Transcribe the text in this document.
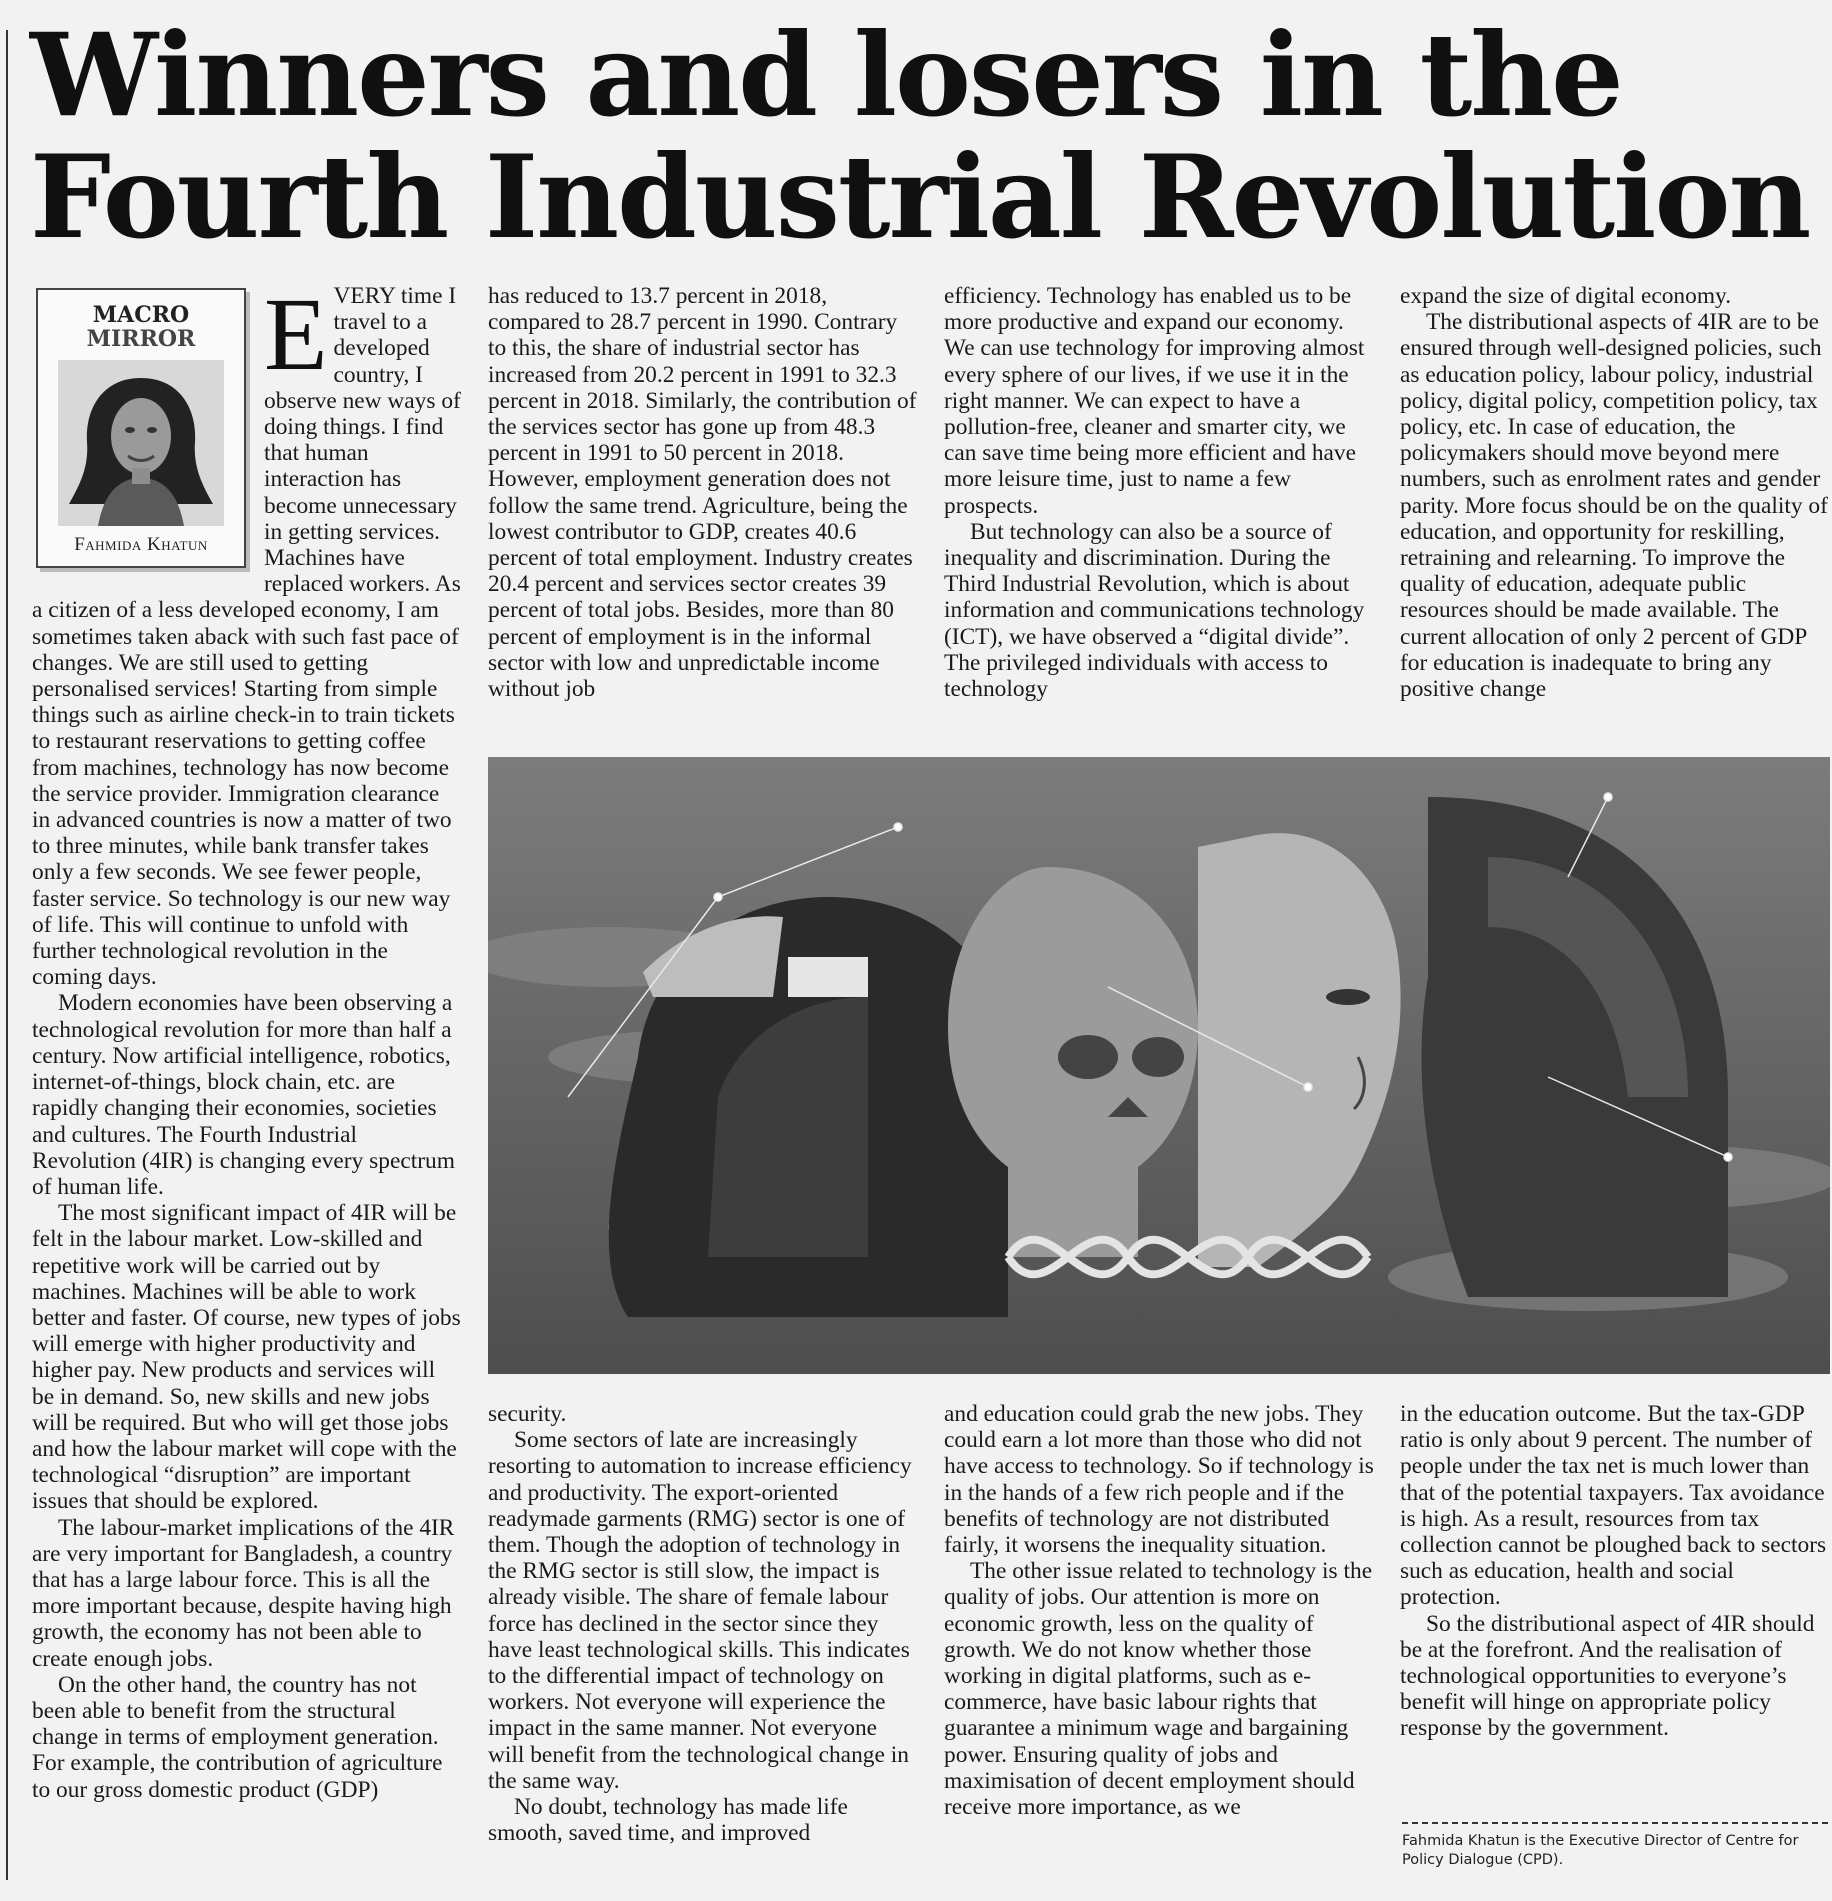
Winners and losers in the Fourth Industrial Revolution
MACRO
MIRROR
Fahmida Khatun

EVERY time I travel to a developed country, I observe new ways of doing things. I find that human interaction has become unnecessary in getting services. Machines have replaced workers. As a citizen of a less developed economy, I am sometimes taken aback with such fast pace of changes. We are still used to getting personalised services! Starting from simple things such as airline check-in to train tickets to restaurant reservations to getting coffee from machines, technology has now become the service provider. Immigration clearance in advanced countries is now a matter of two to three minutes, while bank transfer takes only a few seconds. We see fewer people, faster service. So technology is our new way of life. This will continue to unfold with further technological revolution in the coming days.

Modern economies have been observing a technological revolution for more than half a century. Now artificial intelligence, robotics, internet-of-things, block chain, etc. are rapidly changing their economies, societies and cultures. The Fourth Industrial Revolution (4IR) is changing every spectrum of human life.

The most significant impact of 4IR will be felt in the labour market. Low-skilled and repetitive work will be carried out by machines. Machines will be able to work better and faster. Of course, new types of jobs will emerge with higher productivity and higher pay. New products and services will be in demand. So, new skills and new jobs will be required. But who will get those jobs and how the labour market will cope with the technological “disruption” are important issues that should be explored.

The labour-market implications of the 4IR are very important for Bangladesh, a country that has a large labour force. This is all the more important because, despite having high growth, the economy has not been able to create enough jobs.

On the other hand, the country has not been able to benefit from the structural change in terms of employment generation. For example, the contribution of agriculture to our gross domestic product (GDP)

has reduced to 13.7 percent in 2018, compared to 28.7 percent in 1990. Contrary to this, the share of industrial sector has increased from 20.2 percent in 1991 to 32.3 percent in 2018. Similarly, the contribution of the services sector has gone up from 48.3 percent in 1991 to 50 percent in 2018. However, employment generation does not follow the same trend. Agriculture, being the lowest contributor to GDP, creates 40.6 percent of total employment. Industry creates 20.4 percent and services sector creates 39 percent of total jobs. Besides, more than 80 percent of employment is in the informal sector with low and unpredictable income without job

efficiency. Technology has enabled us to be more productive and expand our economy. We can use technology for improving almost every sphere of our lives, if we use it in the right manner. We can expect to have a pollution-free, cleaner and smarter city, we can save time being more efficient and have more leisure time, just to name a few prospects.

But technology can also be a source of inequality and discrimination. During the Third Industrial Revolution, which is about information and communications technology (ICT), we have observed a “digital divide”. The privileged individuals with access to technology

expand the size of digital economy.

The distributional aspects of 4IR are to be ensured through well-designed policies, such as education policy, labour policy, industrial policy, digital policy, competition policy, tax policy, etc. In case of education, the policymakers should move beyond mere numbers, such as enrolment rates and gender parity. More focus should be on the quality of education, and opportunity for reskilling, retraining and relearning. To improve the quality of education, adequate public resources should be made available. The current allocation of only 2 percent of GDP for education is inadequate to bring any positive change

security.

Some sectors of late are increasingly resorting to automation to increase efficiency and productivity. The export-oriented readymade garments (RMG) sector is one of them. Though the adoption of technology in the RMG sector is still slow, the impact is already visible. The share of female labour force has declined in the sector since they have least technological skills. This indicates to the differential impact of technology on workers. Not everyone will experience the impact in the same manner. Not everyone will benefit from the technological change in the same way.

No doubt, technology has made life smooth, saved time, and improved

and education could grab the new jobs. They could earn a lot more than those who did not have access to technology. So if technology is in the hands of a few rich people and if the benefits of technology are not distributed fairly, it worsens the inequality situation.

The other issue related to technology is the quality of jobs. Our attention is more on economic growth, less on the quality of growth. We do not know whether those working in digital platforms, such as e-commerce, have basic labour rights that guarantee a minimum wage and bargaining power. Ensuring quality of jobs and maximisation of decent employment should receive more importance, as we

in the education outcome. But the tax-GDP ratio is only about 9 percent. The number of people under the tax net is much lower than that of the potential taxpayers. Tax avoidance is high. As a result, resources from tax collection cannot be ploughed back to sectors such as education, health and social protection.

So the distributional aspect of 4IR should be at the forefront. And the realisation of technological opportunities to everyone’s benefit will hinge on appropriate policy response by the government.

Fahmida Khatun is the Executive Director of Centre for Policy Dialogue (CPD).
